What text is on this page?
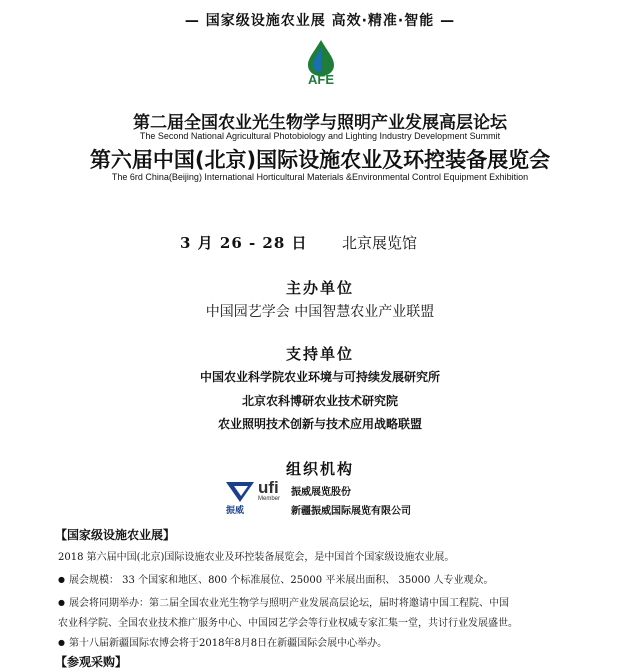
— 国家级设施农业展 高效·精准·智能 —
AFE
第二届全国农业光生物学与照明产业发展高层论坛
The Second National Agricultural Photobiology and Lighting Industry Development Summit
第六届中国(北京)国际设施农业及环控装备展览会
The 6rd China(Beijing) International Horticultural Materials &Environmental Control Equipment Exhibition
3 月 26 - 28 日 北京展览馆
主办单位
中国园艺学会 中国智慧农业产业联盟
支持单位
中国农业科学院农业环境与可持续发展研究所
北京农科博研农业技术研究院
农业照明技术创新与技术应用战略联盟
组织机构
振威
ufi
Member
振威展览股份
新疆振威国际展览有限公司
【国家级设施农业展】
2018 第六届中国(北京)国际设施农业及环控装备展览会，是中国首个国家级设施农业展。
● 展会规模： 33 个国家和地区、800 个标准展位、25000 平米展出面积、 35000 人专业观众。
● 展会将同期举办：第二届全国农业光生物学与照明产业发展高层论坛，届时将邀请中国工程院、中国
农业科学院、全国农业技术推广服务中心、中国园艺学会等行业权威专家汇集一堂，共讨行业发展盛世。
● 第十八届新疆国际农博会将于2018年8月8日在新疆国际会展中心举办。
【参观采购】
